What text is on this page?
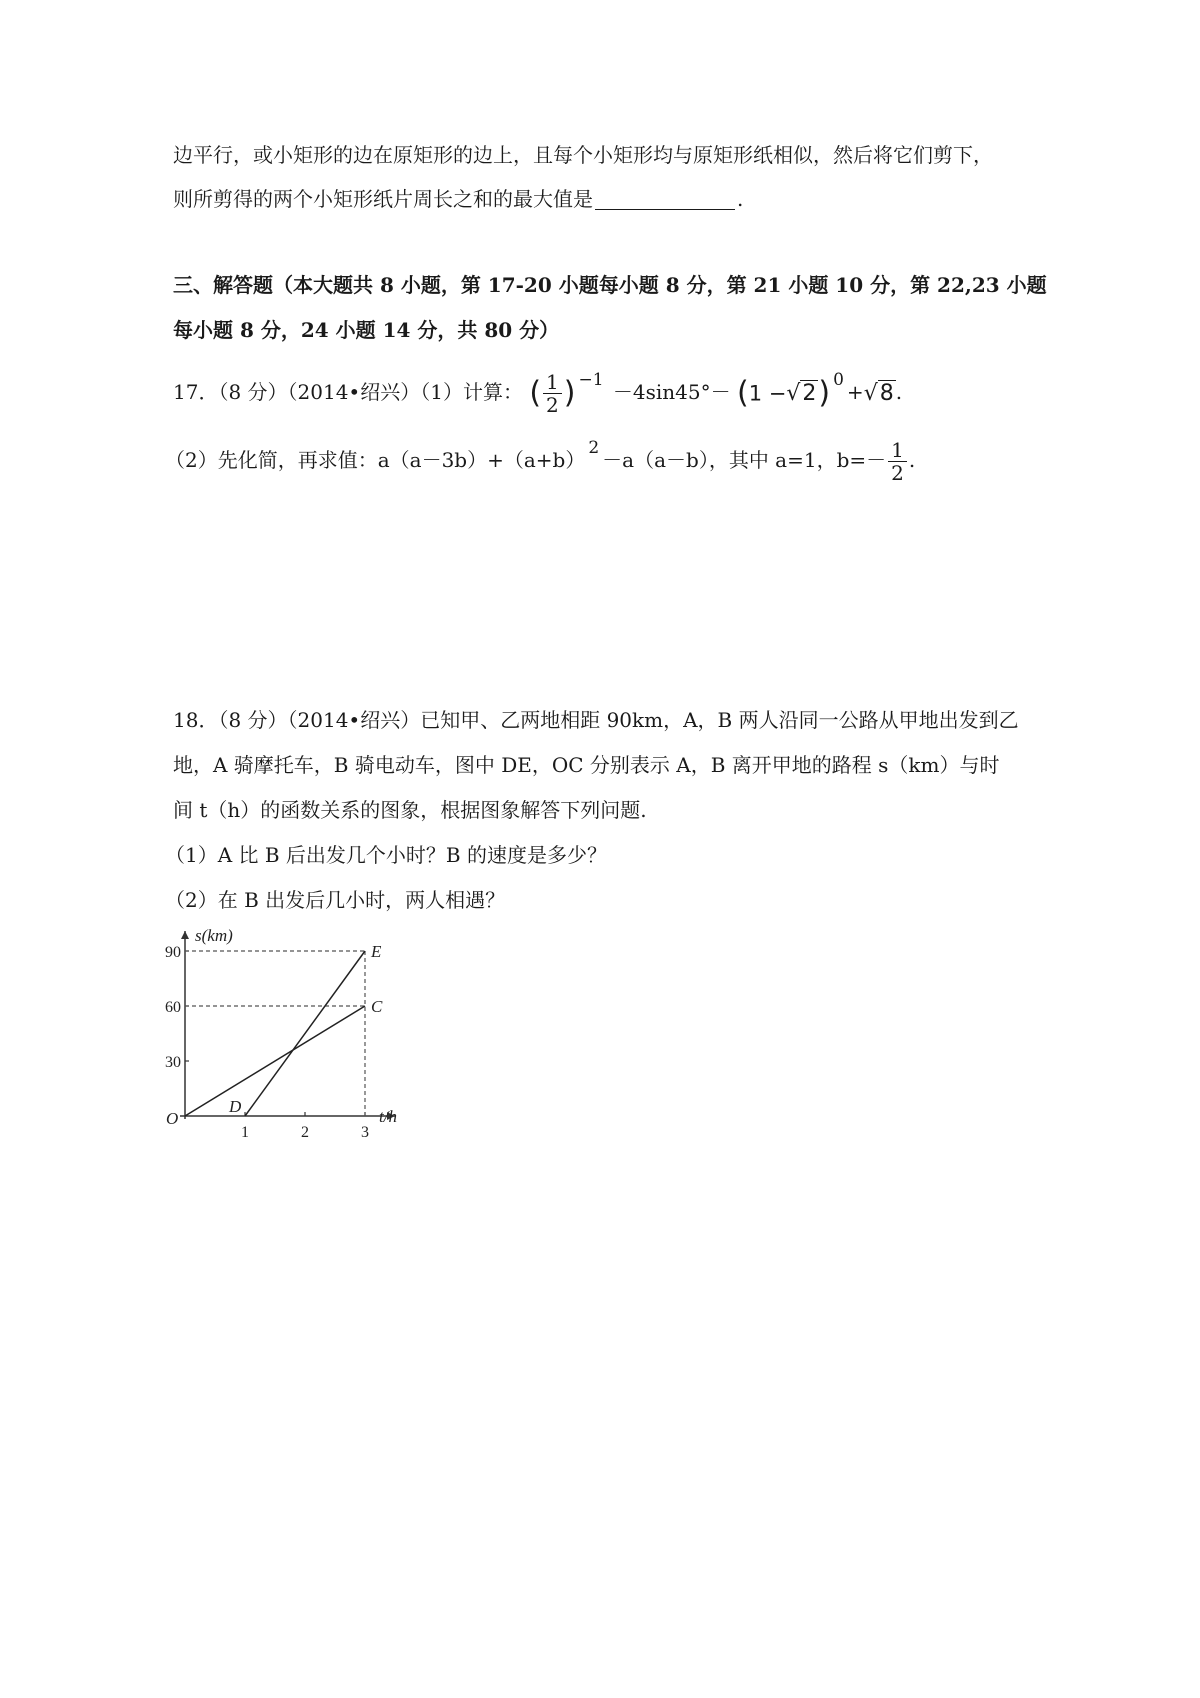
边平行，或小矩形的边在原矩形的边上，且每个小矩形均与原矩形纸相似，然后将它们剪下，
则所剪得的两个小矩形纸片周长之和的最大值是	.
三、解答题（本大题共 8 小题，第 17-20 小题每小题 8 分，第 21 小题 10 分，第 22,23 小题
每小题 8 分，24 小题 14 分，共 80 分）
17．（8 分）（2014•绍兴）（1）计算： ( $\frac{1}{2}$ ) $^{-1}$ －4sin45°－ (1 −√2) $^0$ +√8 .
（2）先化简，再求值：a（a－3b）+（a+b） $^2$ －a（a－b），其中 a=1，$b=- \frac{1}{2}$ .
18．（8 分）（2014•绍兴）已知甲、乙两地相距 90km，A，B 两人沿同一公路从甲地出发到乙
地，A 骑摩托车，B 骑电动车，图中 DE，OC 分别表示 A，B 离开甲地的路程 s（km）与时
间 t（h）的函数关系的图象，根据图象解答下列问题.
（1）A 比 B 后出发几个小时？B 的速度是多少？
（2）在 B 出发后几小时，两人相遇？
1	2	3
30
60
90
C
E
D
O
s(km)
t/h
